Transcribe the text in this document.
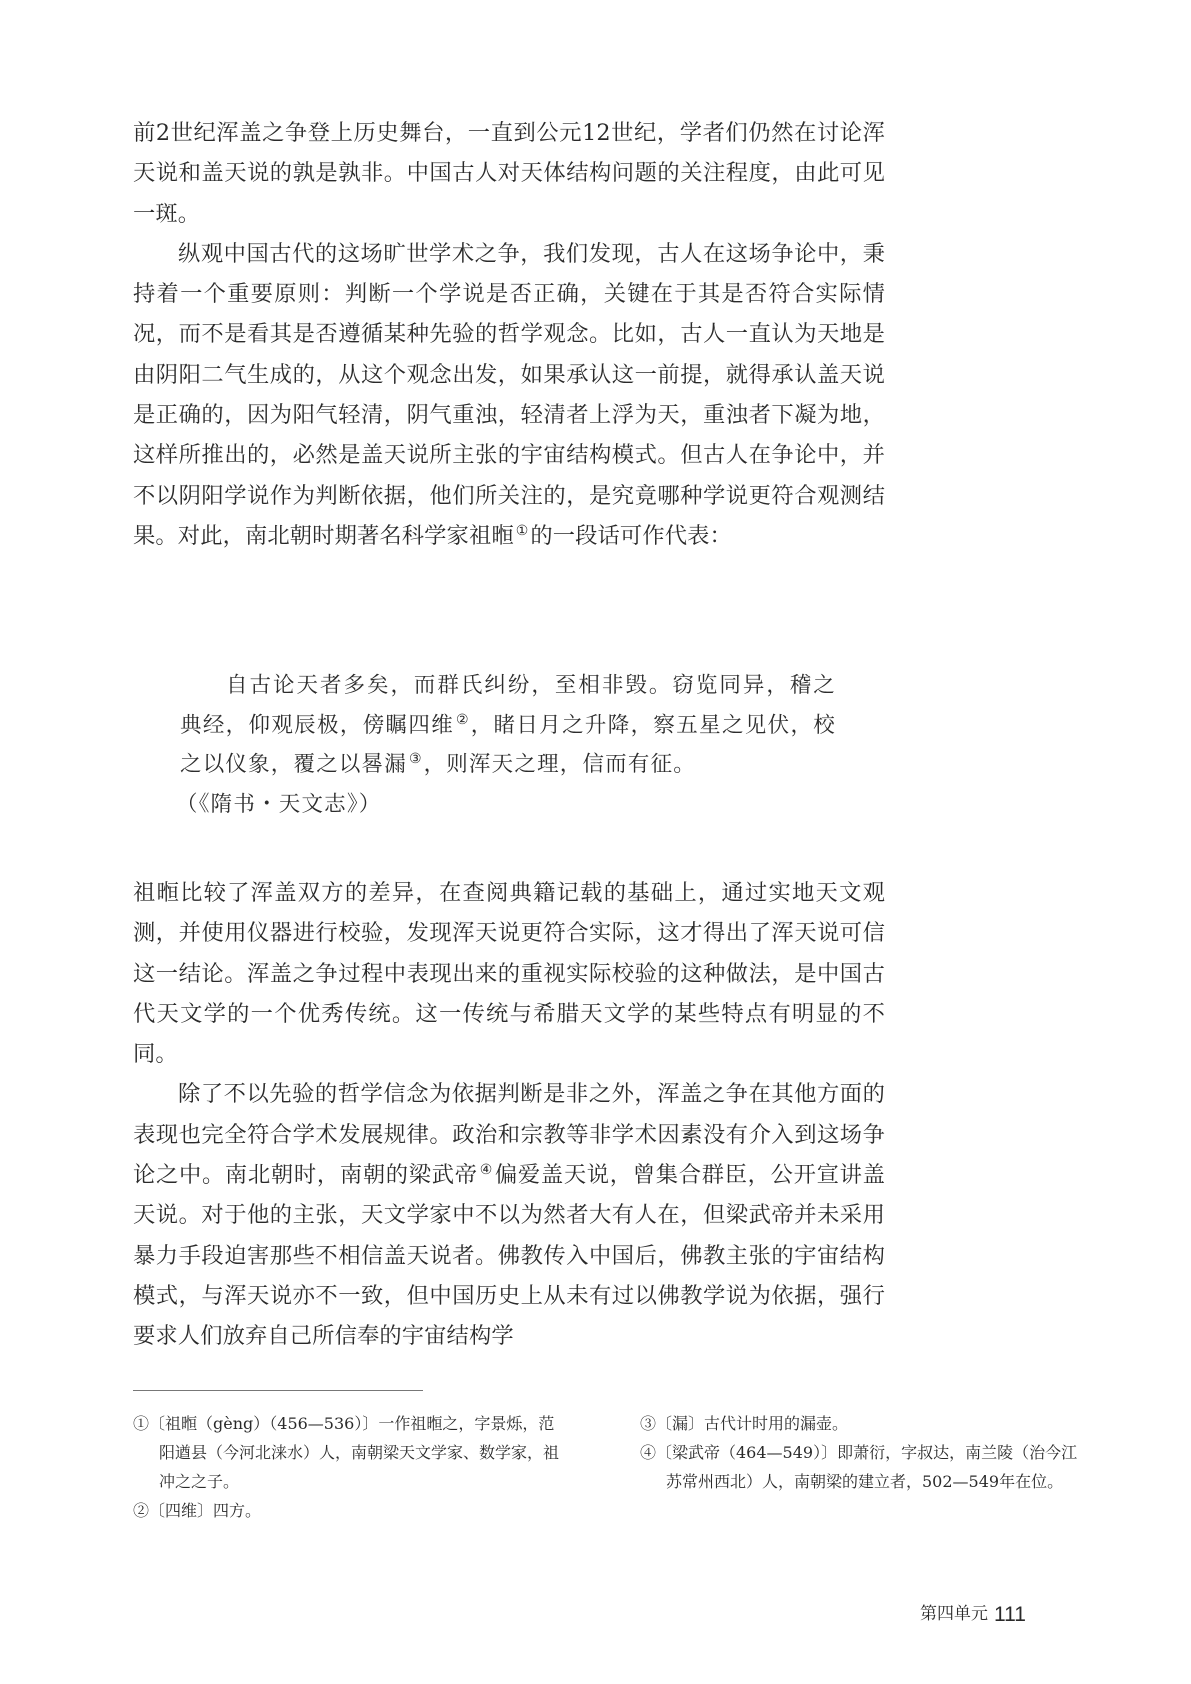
前2世纪浑盖之争登上历史舞台，一直到公元12世纪，学者们仍然在讨论浑天说和盖天说的孰是孰非。中国古人对天体结构问题的关注程度，由此可见一斑。

纵观中国古代的这场旷世学术之争，我们发现，古人在这场争论中，秉持着一个重要原则：判断一个学说是否正确，关键在于其是否符合实际情况，而不是看其是否遵循某种先验的哲学观念。比如，古人一直认为天地是由阴阳二气生成的，从这个观念出发，如果承认这一前提，就得承认盖天说是正确的，因为阳气轻清，阴气重浊，轻清者上浮为天，重浊者下凝为地，这样所推出的，必然是盖天说所主张的宇宙结构模式。但古人在争论中，并不以阴阳学说作为判断依据，他们所关注的，是究竟哪种学说更符合观测结果。对此，南北朝时期著名科学家祖暅 ①的一段话可作代表：

自古论天者多矣，而群氏纠纷，至相非毁。窃览同异，稽之典经，仰观辰极，傍瞩四维 ②，睹日月之升降，察五星之见伏，校之以仪象，覆之以晷漏 ③，则浑天之理，信而有征。

（《隋书・天文志》）

祖暅比较了浑盖双方的差异，在查阅典籍记载的基础上，通过实地天文观测，并使用仪器进行校验，发现浑天说更符合实际，这才得出了浑天说可信这一结论。浑盖之争过程中表现出来的重视实际校验的这种做法，是中国古代天文学的一个优秀传统。这一传统与希腊天文学的某些特点有明显的不同。

除了不以先验的哲学信念为依据判断是非之外，浑盖之争在其他方面的表现也完全符合学术发展规律。政治和宗教等非学术因素没有介入到这场争论之中。南北朝时，南朝的梁武帝 ④偏爱盖天说，曾集合群臣，公开宣讲盖天说。对于他的主张，天文学家中不以为然者大有人在，但梁武帝并未采用暴力手段迫害那些不相信盖天说者。佛教传入中国后，佛教主张的宇宙结构模式，与浑天说亦不一致，但中国历史上从未有过以佛教学说为依据，强行要求人们放弃自己所信奉的宇宙结构学

①〔祖暅（gèng）（456—536）〕一作祖暅之，字景烁，范阳遒县（今河北涞水）人，南朝梁天文学家、数学家，祖冲之之子。

②〔四维〕四方。

③〔漏〕古代计时用的漏壶。

④〔梁武帝（464—549）〕即萧衍，字叔达，南兰陵（治今江苏常州西北）人，南朝梁的建立者，502—549年在位。

第四单元 111
